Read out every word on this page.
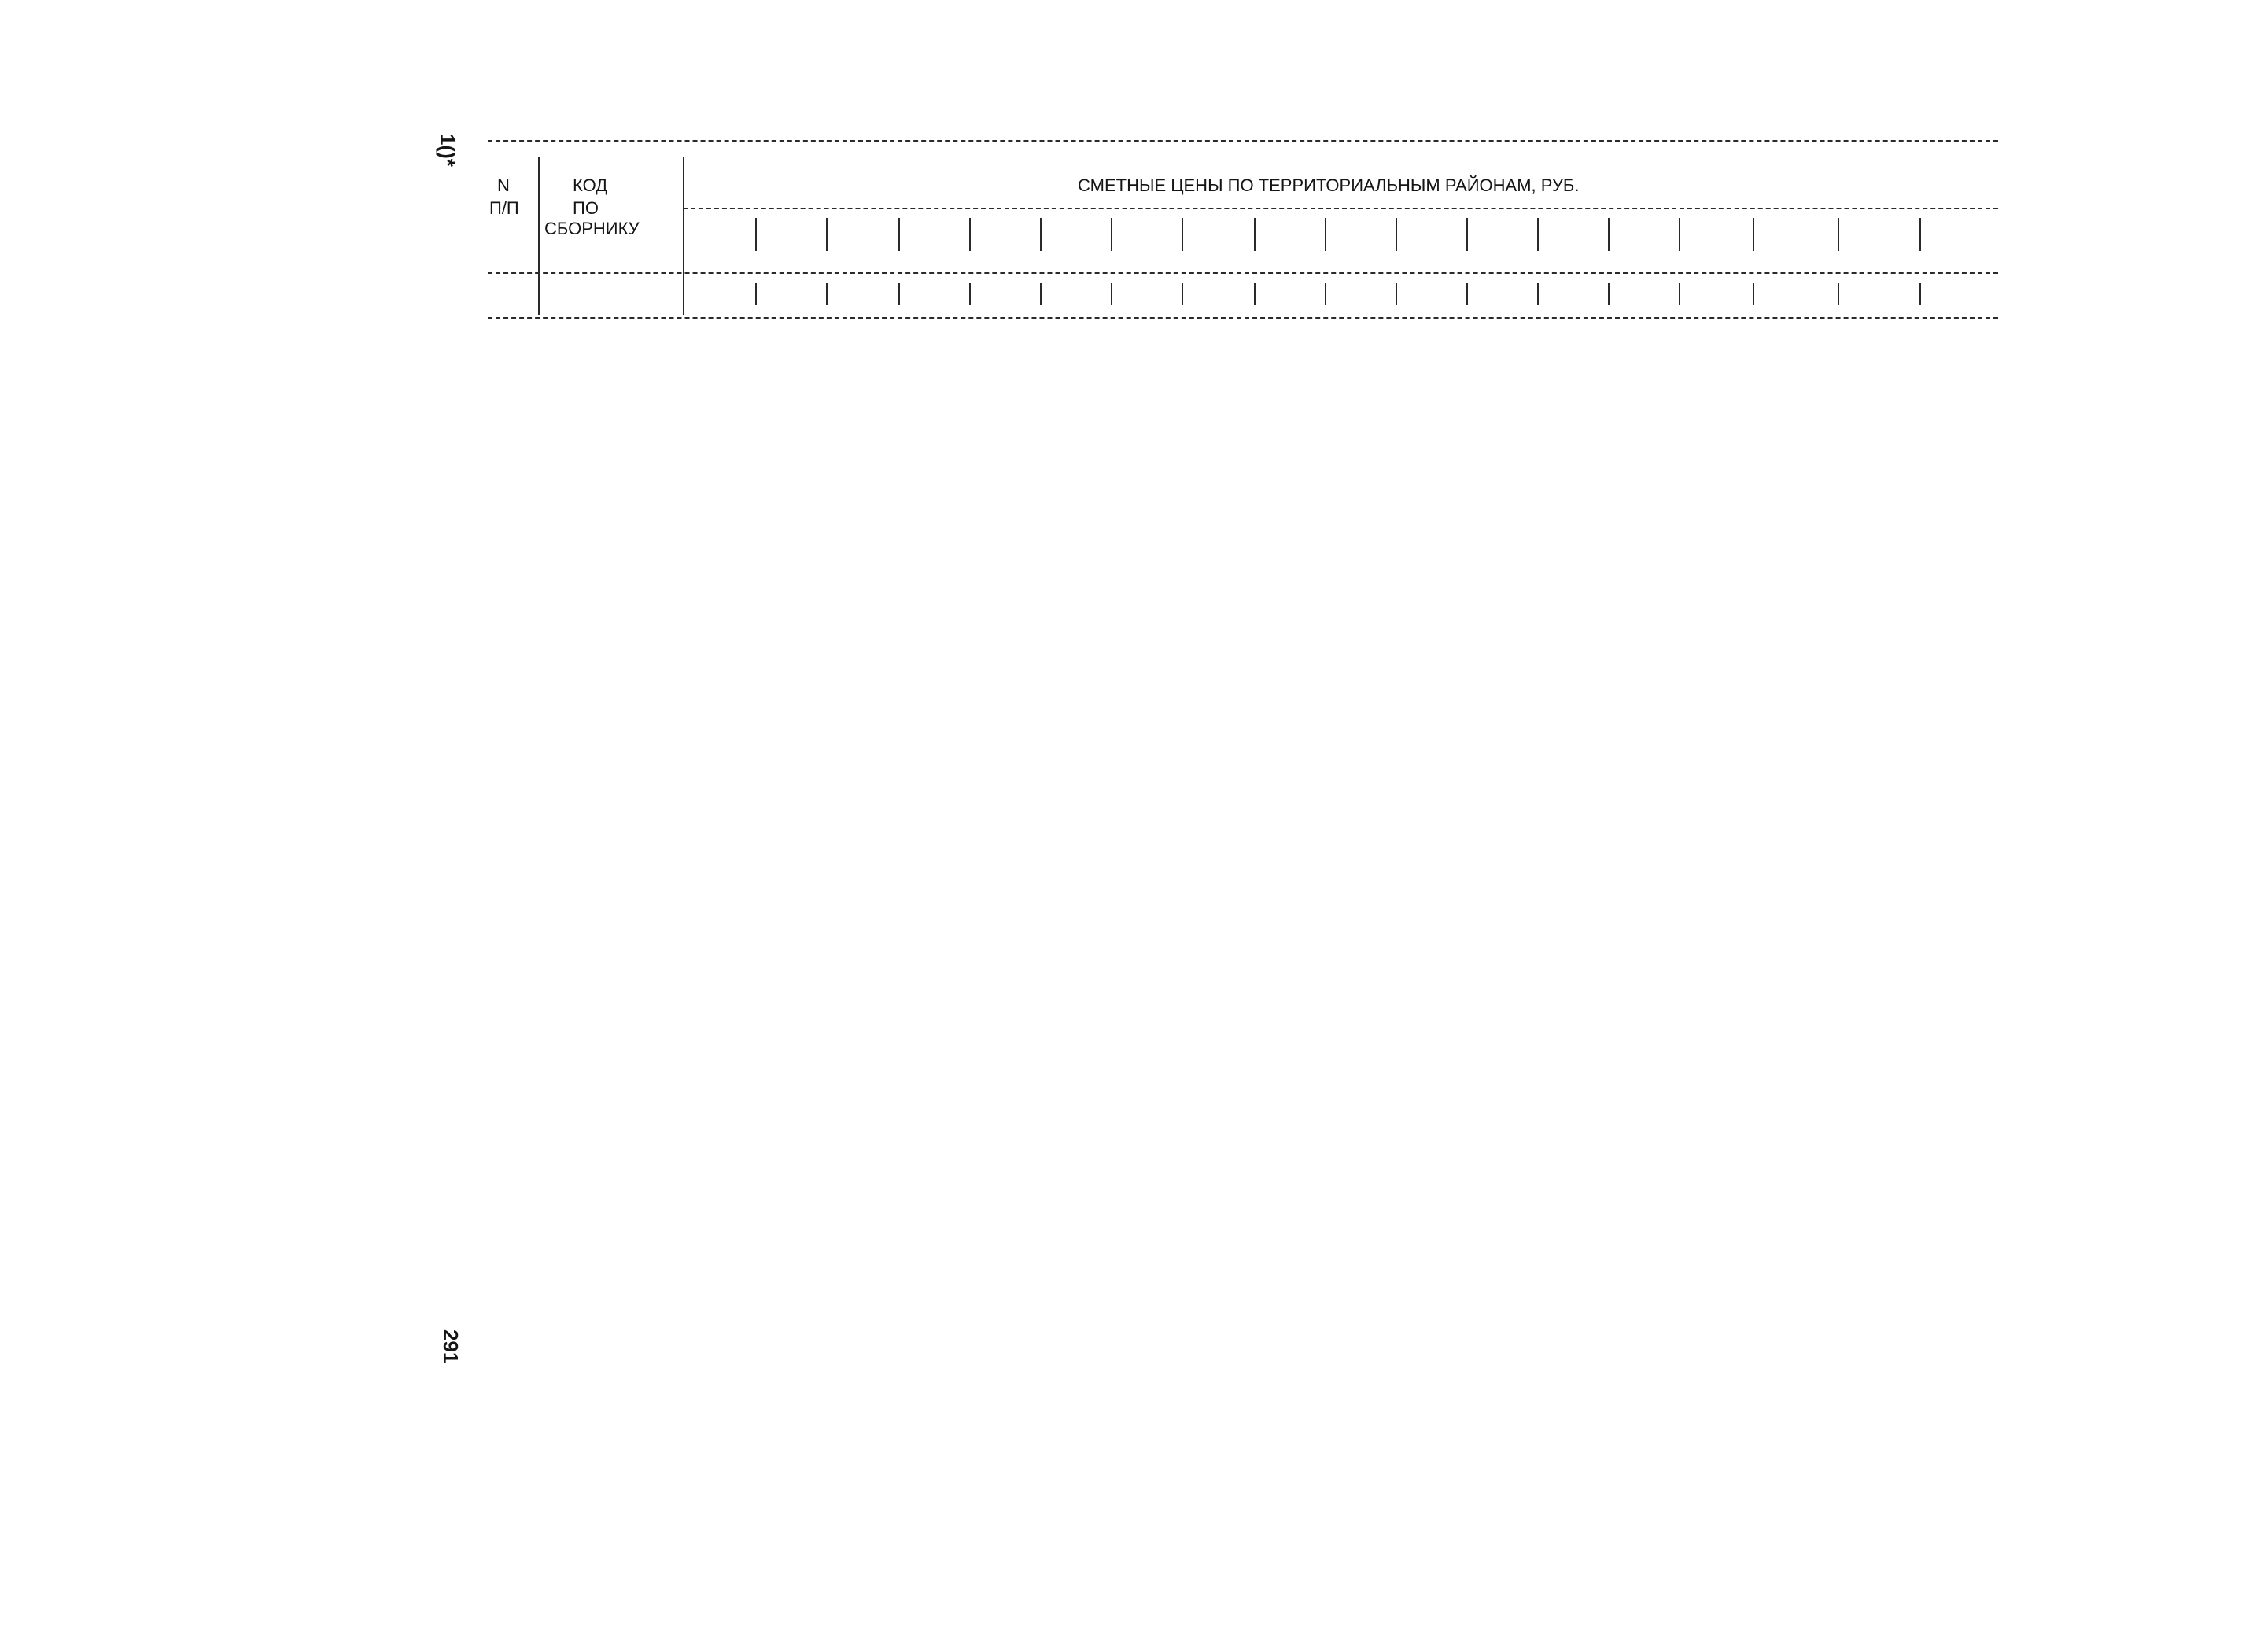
1()*
291
N
П/П
КОД
ПО
СБОРНИКУ
СМЕТНЫЕ ЦЕНЫ ПО ТЕРРИТОРИАЛЬНЫМ РАЙОНАМ, РУБ.
